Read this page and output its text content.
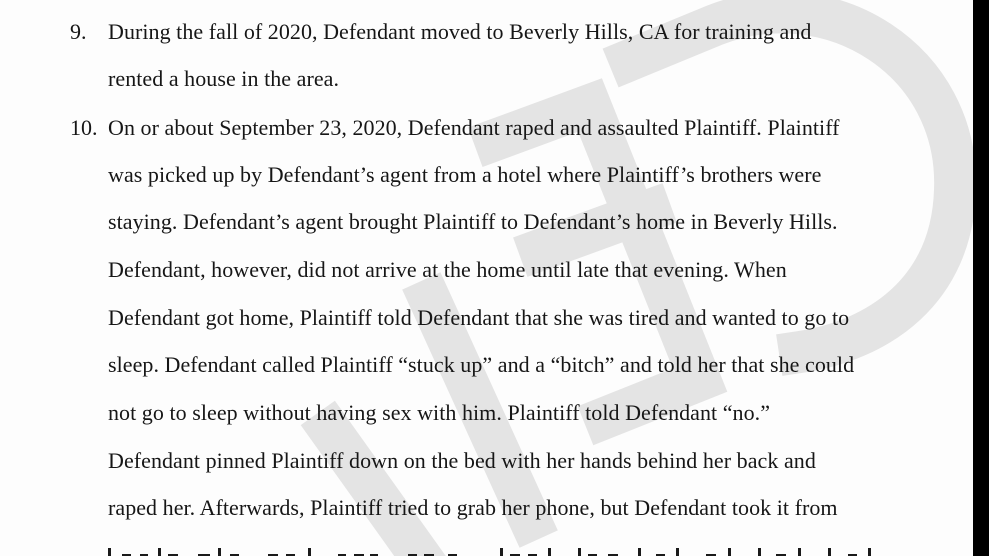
9. During the fall of 2020, Defendant moved to Beverly Hills, CA for training and
rented a house in the area.
10. On or about September 23, 2020, Defendant raped and assaulted Plaintiff. Plaintiff
was picked up by Defendant’s agent from a hotel where Plaintiff’s brothers were
staying. Defendant’s agent brought Plaintiff to Defendant’s home in Beverly Hills.
Defendant, however, did not arrive at the home until late that evening. When
Defendant got home, Plaintiff told Defendant that she was tired and wanted to go to
sleep. Defendant called Plaintiff “stuck up” and a “bitch” and told her that she could
not go to sleep without having sex with him. Plaintiff told Defendant “no.”
Defendant pinned Plaintiff down on the bed with her hands behind her back and
raped her. Afterwards, Plaintiff tried to grab her phone, but Defendant took it from
